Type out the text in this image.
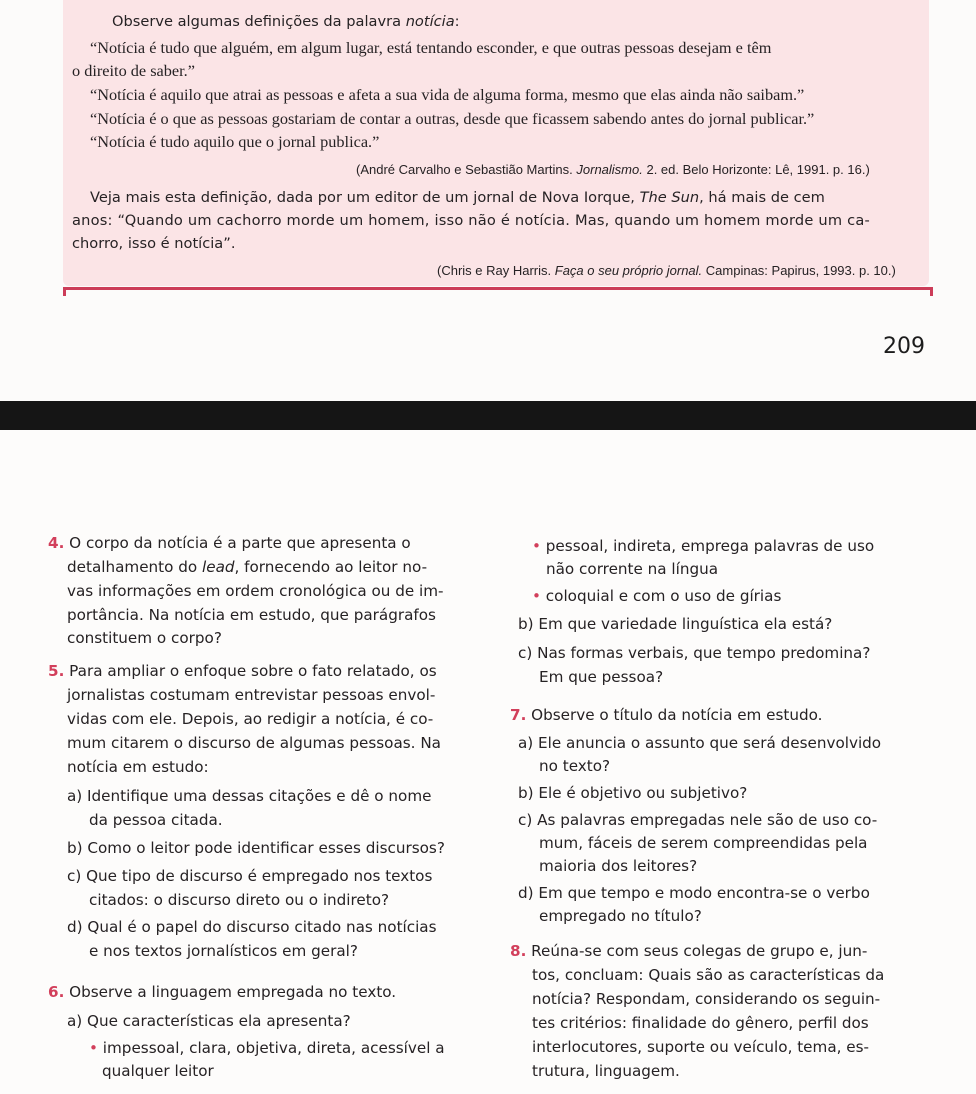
Observe algumas definições da palavra notícia:
“Notícia é tudo que alguém, em algum lugar, está tentando esconder, e que outras pessoas desejam e têm
o direito de saber.”
“Notícia é aquilo que atrai as pessoas e afeta a sua vida de alguma forma, mesmo que elas ainda não saibam.”
“Notícia é o que as pessoas gostariam de contar a outras, desde que ficassem sabendo antes do jornal publicar.”
“Notícia é tudo aquilo que o jornal publica.”
(André Carvalho e Sebastião Martins. Jornalismo. 2. ed. Belo Horizonte: Lê, 1991. p. 16.)
Veja mais esta definição, dada por um editor de um jornal de Nova Iorque, The Sun, há mais de cem
anos: “Quando um cachorro morde um homem, isso não é notícia. Mas, quando um homem morde um ca-
chorro, isso é notícia”.
(Chris e Ray Harris. Faça o seu próprio jornal. Campinas: Papirus, 1993. p. 10.)
209
4. O corpo da notícia é a parte que apresenta o
detalhamento do lead, fornecendo ao leitor no-
vas informações em ordem cronológica ou de im-
portância. Na notícia em estudo, que parágrafos
constituem o corpo?
5. Para ampliar o enfoque sobre o fato relatado, os
jornalistas costumam entrevistar pessoas envol-
vidas com ele. Depois, ao redigir a notícia, é co-
mum citarem o discurso de algumas pessoas. Na
notícia em estudo:
a) Identifique uma dessas citações e dê o nome
da pessoa citada.
b) Como o leitor pode identificar esses discursos?
c) Que tipo de discurso é empregado nos textos
citados: o discurso direto ou o indireto?
d) Qual é o papel do discurso citado nas notícias
e nos textos jornalísticos em geral?
6. Observe a linguagem empregada no texto.
a) Que características ela apresenta?
• impessoal, clara, objetiva, direta, acessível a
qualquer leitor
• pessoal, indireta, emprega palavras de uso
não corrente na língua
• coloquial e com o uso de gírias
b) Em que variedade linguística ela está?
c) Nas formas verbais, que tempo predomina?
Em que pessoa?
7. Observe o título da notícia em estudo.
a) Ele anuncia o assunto que será desenvolvido
no texto?
b) Ele é objetivo ou subjetivo?
c) As palavras empregadas nele são de uso co-
mum, fáceis de serem compreendidas pela
maioria dos leitores?
d) Em que tempo e modo encontra-se o verbo
empregado no título?
8. Reúna-se com seus colegas de grupo e, jun-
tos, concluam: Quais são as características da
notícia? Respondam, considerando os seguin-
tes critérios: finalidade do gênero, perfil dos
interlocutores, suporte ou veículo, tema, es-
trutura, linguagem.
